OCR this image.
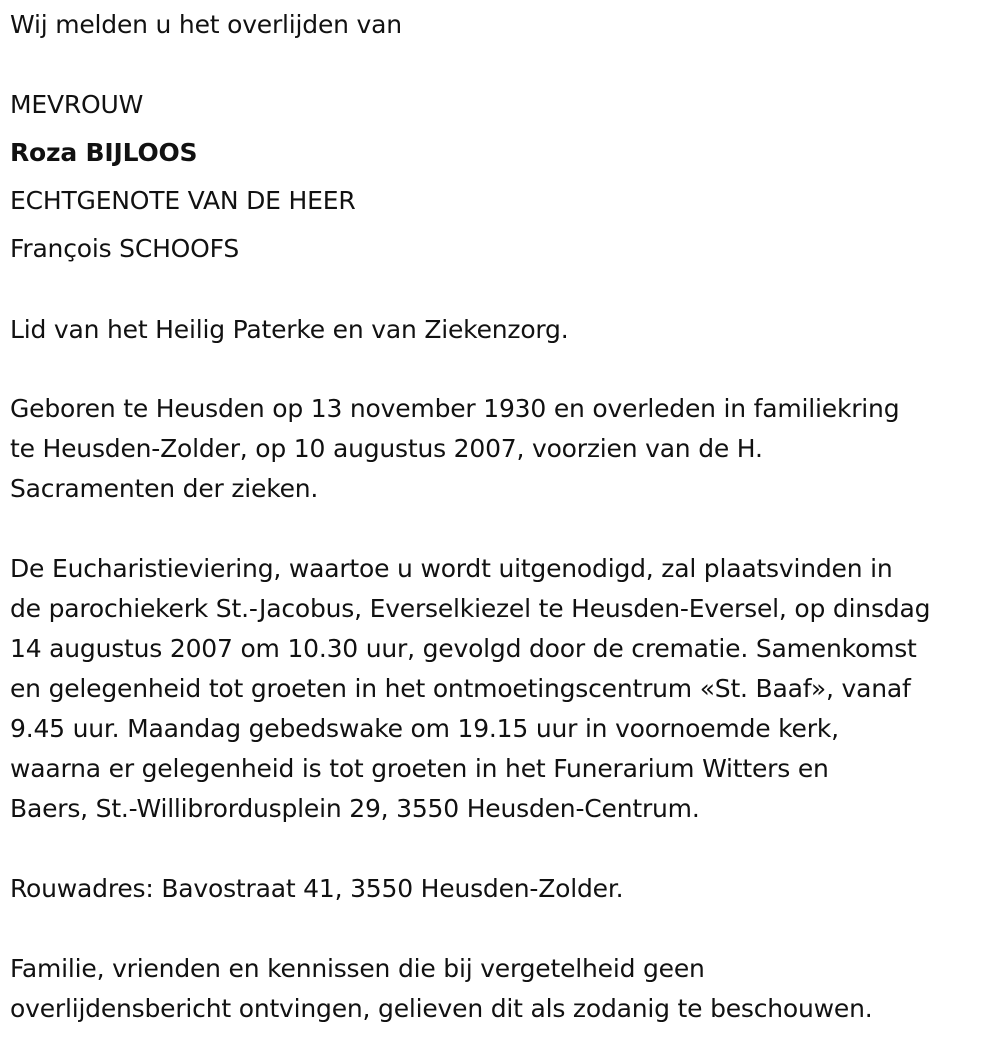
Wij melden u het overlijden van

MEVROUW

Roza BIJLOOS

ECHTGENOTE VAN DE HEER

François SCHOOFS

Lid van het Heilig Paterke en van Ziekenzorg.

Geboren te Heusden op 13 november 1930 en overleden in familiekring

te Heusden-Zolder, op 10 augustus 2007, voorzien van de H.

Sacramenten der zieken.

De Eucharistieviering, waartoe u wordt uitgenodigd, zal plaatsvinden in

de parochiekerk St.-Jacobus, Everselkiezel te Heusden-Eversel, op dinsdag

14 augustus 2007 om 10.30 uur, gevolgd door de crematie. Samenkomst

en gelegenheid tot groeten in het ontmoetingscentrum «St. Baaf», vanaf

9.45 uur. Maandag gebedswake om 19.15 uur in voornoemde kerk,

waarna er gelegenheid is tot groeten in het Funerarium Witters en

Baers, St.-Willibrordusplein 29, 3550 Heusden-Centrum.

Rouwadres: Bavostraat 41, 3550 Heusden-Zolder.

Familie, vrienden en kennissen die bij vergetelheid geen

overlijdensbericht ontvingen, gelieven dit als zodanig te beschouwen.
